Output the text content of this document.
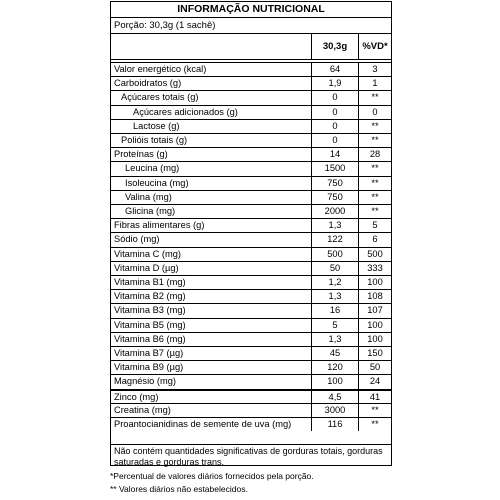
INFORMAÇÃO NUTRICIONAL
Porção: 30,3g (1 sachê)
30,3g	%VD*
Valor energético (kcal)	64	3
Carboidratos (g)	1,9	1
Açúcares totais (g)	0	**
Açúcares adicionados (g)	0	0
Lactose (g)	0	**
Polióis totais (g)	0	**
Proteínas (g)	14	28
Leucina (mg)	1500	**
Isoleucina (mg)	750	**
Valina (mg)	750	**
Glicina (mg)	2000	**
Fibras alimentares (g)	1,3	5
Sódio (mg)	122	6
Vitamina C (mg)	500	500
Vitamina D (µg)	50	333
Vitamina B1 (mg)	1,2	100
Vitamina B2 (mg)	1,3	108
Vitamina B3 (mg)	16	107
Vitamina B5 (mg)	5	100
Vitamina B6 (mg)	1,3	100
Vitamina B7 (µg)	45	150
Vitamina B9 (µg)	120	50
Magnésio (mg)	100	24
Zinco (mg)	4,5	41
Creatina (mg)	3000	**
Proantocianidinas de semente de uva (mg)	116	**
Não contém quantidades significativas de gorduras totais, gorduras saturadas e gorduras trans.
*Percentual de valores diários fornecidos pela porção.
** Valores diários não estabelecidos.
